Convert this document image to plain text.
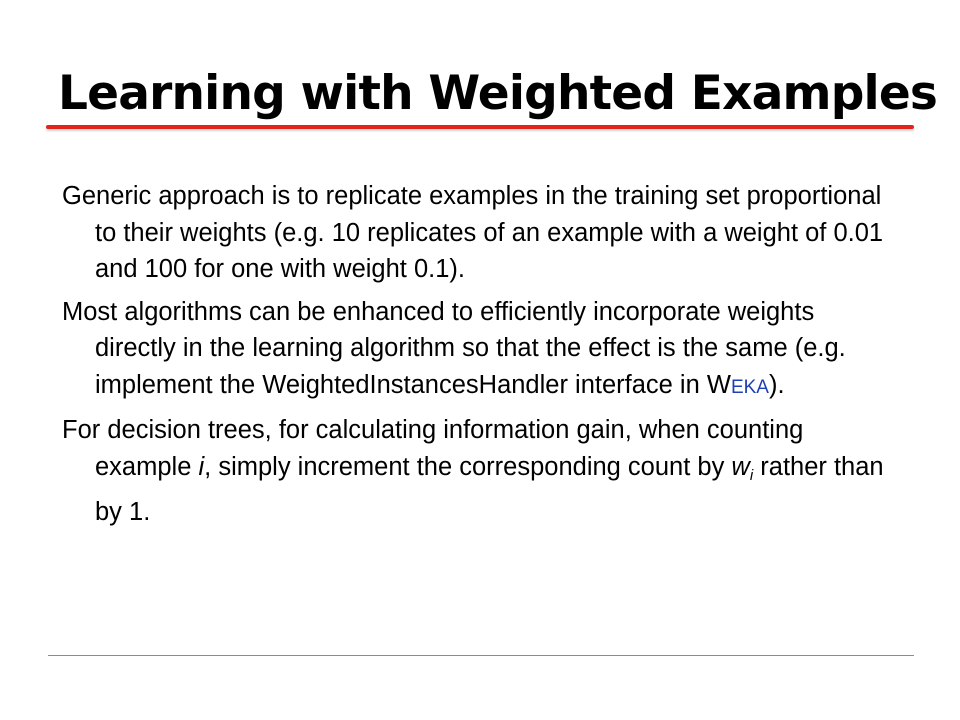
Learning with Weighted Examples

Generic approach is to replicate examples in the training set proportional to their weights (e.g. 10 replicates of an example with a weight of 0.01 and 100 for one with weight 0.1).

Most algorithms can be enhanced to efficiently incorporate weights directly in the learning algorithm so that the effect is the same (e.g. implement the WeightedInstancesHandler interface in WEKA).

For decision trees, for calculating information gain, when counting example i, simply increment the corresponding count by $w_i$ rather than by 1.
